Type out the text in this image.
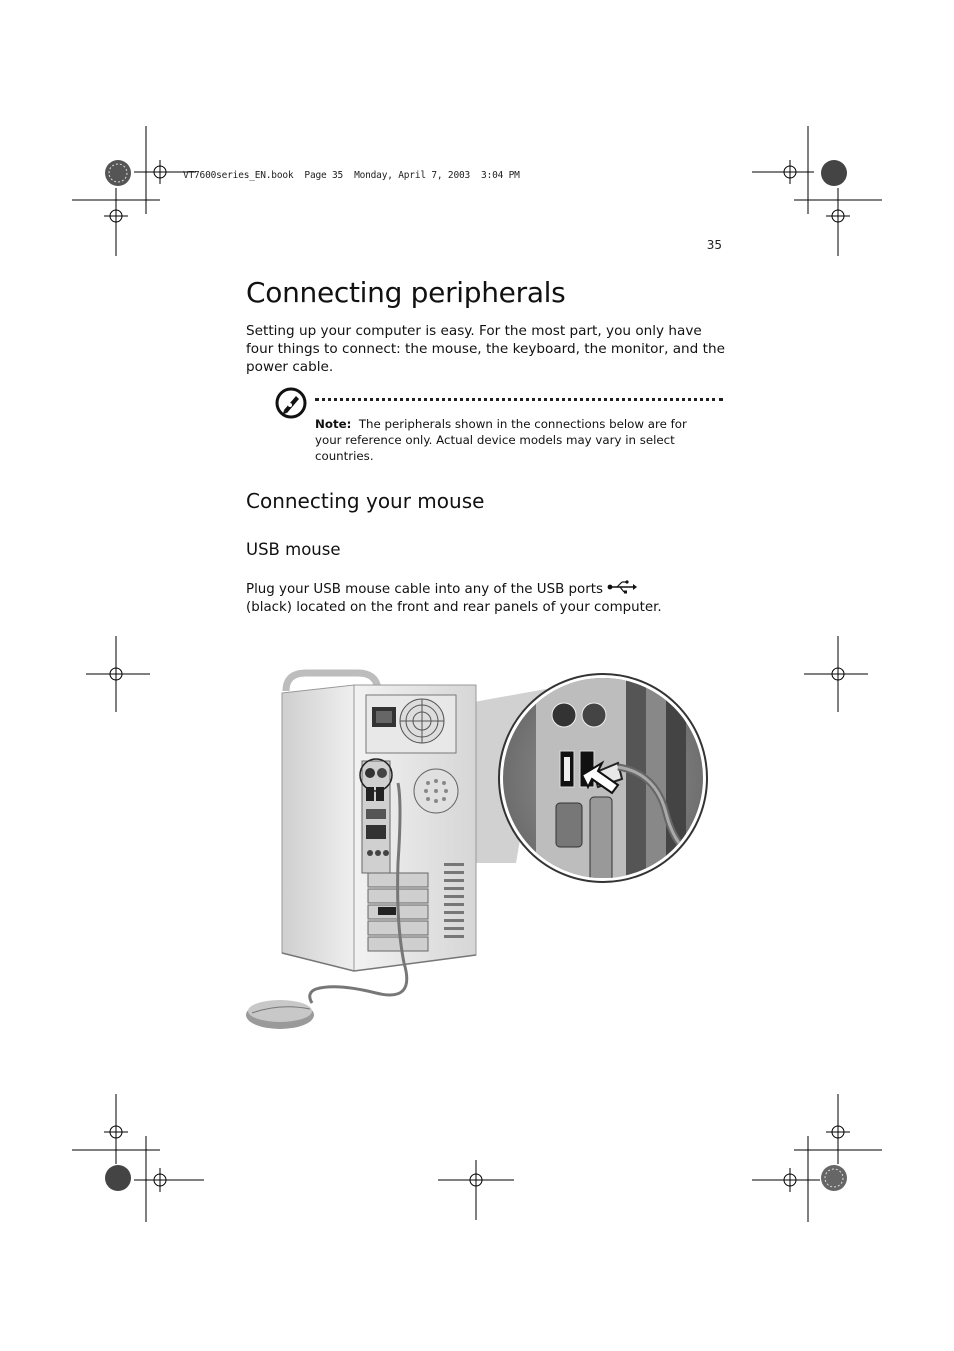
VT7600series_EN.book  Page 35  Monday, April 7, 2003  3:04 PM
35
Connecting peripherals

Setting up your computer is easy. For the most part, you only have four things to connect: the mouse, the keyboard, the monitor, and the power cable.

Note: The peripherals shown in the connections below are for your reference only. Actual device models may vary in select countries.

Connecting your mouse
USB mouse

Plug your USB mouse cable into any of the USB ports
(black) located on the front and rear panels of your computer.
